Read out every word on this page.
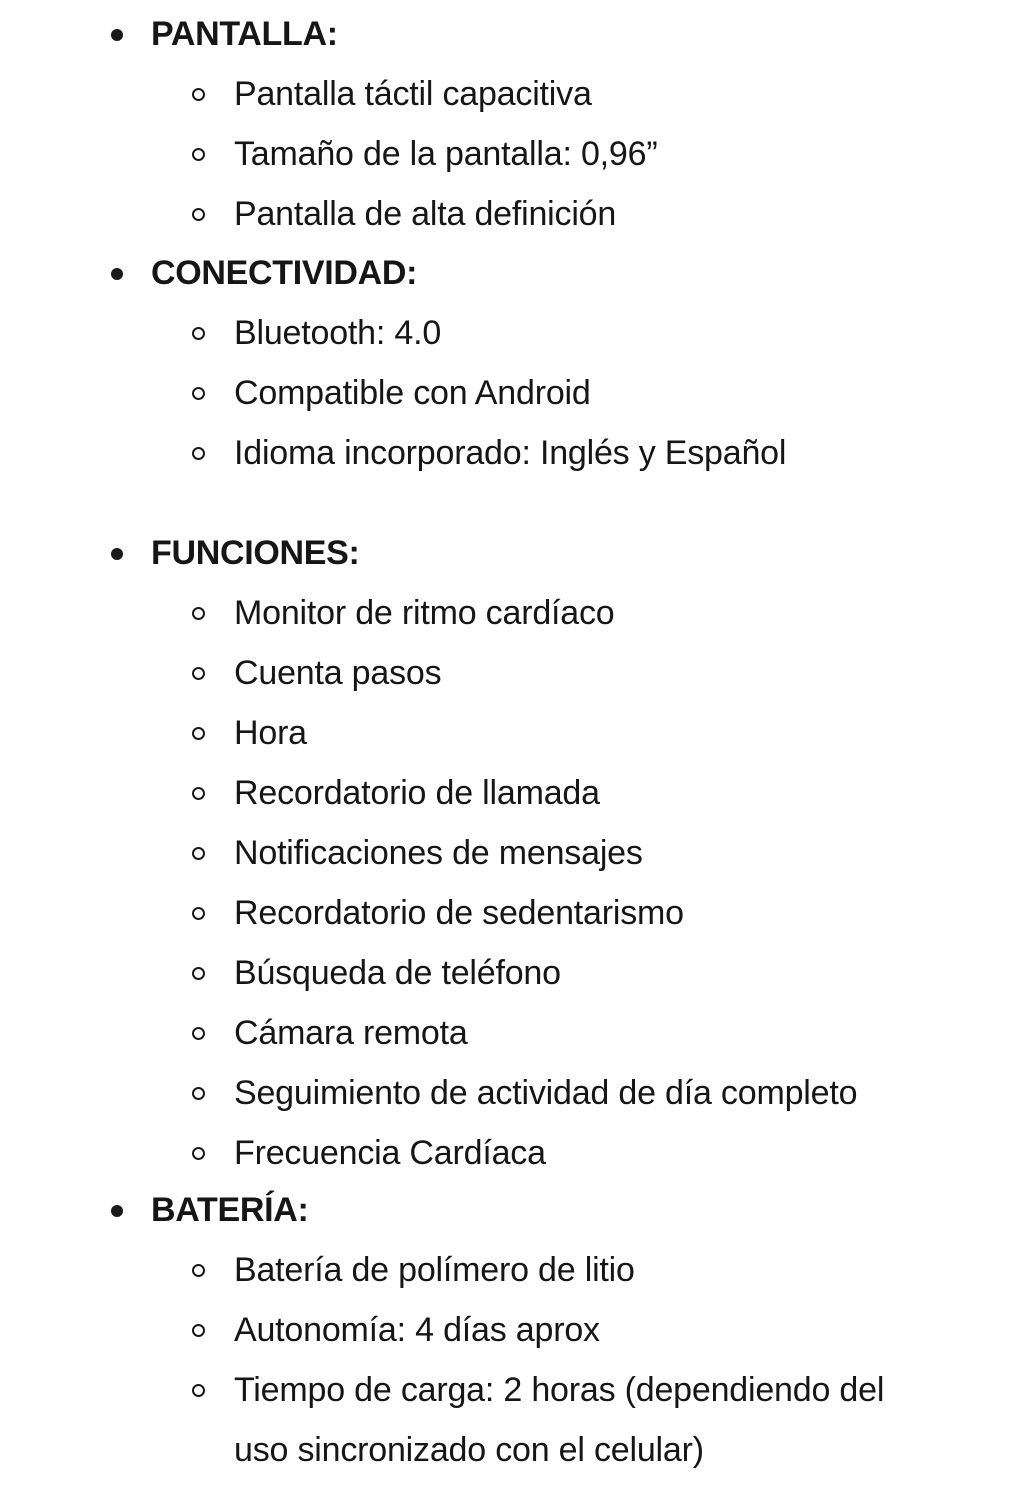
PANTALLA:
Pantalla táctil capacitiva
Tamaño de la pantalla: 0,96”
Pantalla de alta definición
CONECTIVIDAD:
Bluetooth: 4.0
Compatible con Android
Idioma incorporado: Inglés y Español
FUNCIONES:
Monitor de ritmo cardíaco
Cuenta pasos
Hora
Recordatorio de llamada
Notificaciones de mensajes
Recordatorio de sedentarismo
Búsqueda de teléfono
Cámara remota
Seguimiento de actividad de día completo
Frecuencia Cardíaca
BATERÍA:
Batería de polímero de litio
Autonomía: 4 días aprox
Tiempo de carga: 2 horas (dependiendo del uso sincronizado con el celular)
